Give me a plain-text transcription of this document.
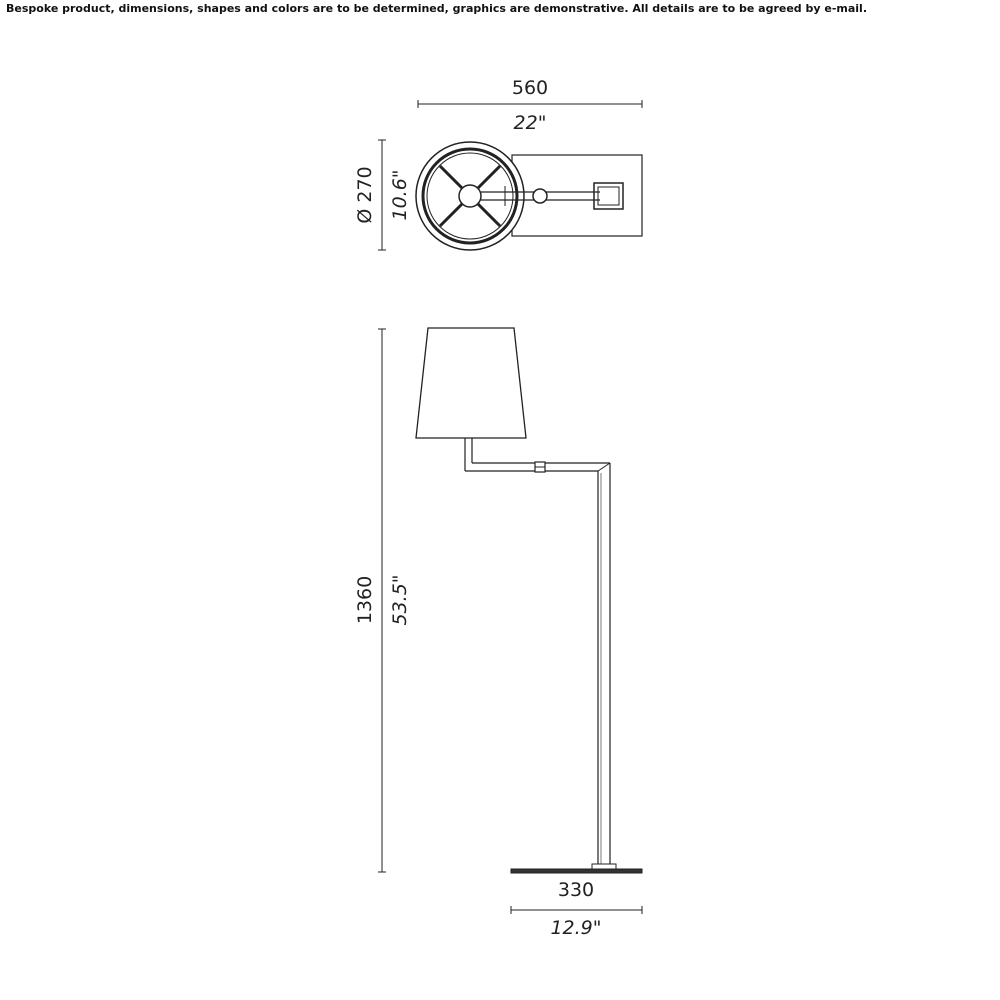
Bespoke product, dimensions, shapes and colors are to be determined, graphics are demonstrative. All details are to be agreed by e-mail.
560
22"
Ø 270 10.6"
1360 53.5"
330
12.9"
